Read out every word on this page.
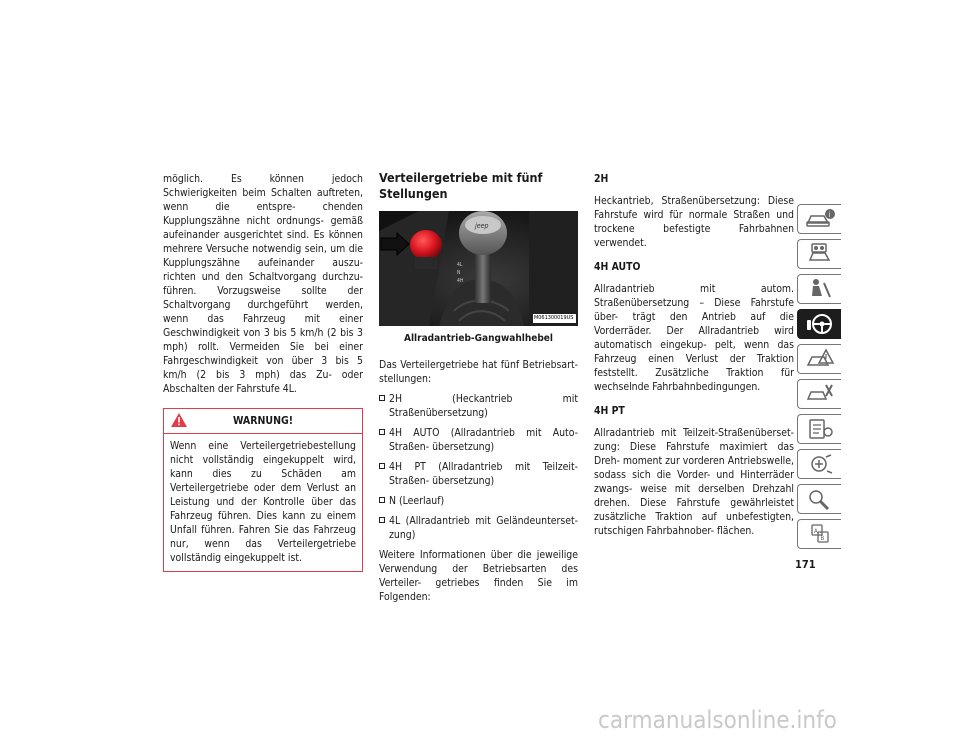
möglich. Es können jedoch Schwierigkeiten beim Schalten auftreten, wenn die entspre- chenden Kupplungszähne nicht ordnungs- gemäß aufeinander ausgerichtet sind. Es können mehrere Versuche notwendig sein, um die Kupplungszähne aufeinander auszu- richten und den Schaltvorgang durchzu- führen. Vorzugsweise sollte der Schaltvorgang durchgeführt werden, wenn das Fahrzeug mit einer Geschwindigkeit von 3 bis 5 km/h (2 bis 3 mph) rollt. Vermeiden Sie bei einer Fahrgeschwindigkeit von über 3 bis 5 km/h (2 bis 3 mph) das Zu- oder Abschalten der Fahrstufe 4L.

WARNUNG!

Wenn eine Verteilergetriebestellung nicht vollständig eingekuppelt wird, kann dies zu Schäden am Verteilergetriebe oder dem Verlust an Leistung und der Kontrolle über das Fahrzeug führen. Dies kann zu einem Unfall führen. Fahren Sie das Fahrzeug nur, wenn das Verteilergetriebe vollständig eingekuppelt ist.

Verteilergetriebe mit fünf Stellungen
jeep
4L
N
4H
M061300019US
Allradantrieb-Gangwahlhebel

Das Verteilergetriebe hat fünf Betriebsart- stellungen:

2H (Heckantrieb mit Straßenübersetzung)
4H AUTO (Allradantrieb mit Auto-Straßen- übersetzung)
4H PT (Allradantrieb mit Teilzeit-Straßen- übersetzung)
N (Leerlauf)
4L (Allradantrieb mit Geländeunterset- zung)

Weitere Informationen über die jeweilige Verwendung der Betriebsarten des Verteiler- getriebes finden Sie im Folgenden:

2H

Heckantrieb, Straßenübersetzung: Diese Fahrstufe wird für normale Straßen und trockene befestigte Fahrbahnen verwendet.

4H AUTO

Allradantrieb mit autom. Straßenübersetzung – Diese Fahrstufe über- trägt den Antrieb auf die Vorderräder. Der Allradantrieb wird automatisch eingekup- pelt, wenn das Fahrzeug einen Verlust der Traktion feststellt. Zusätzliche Traktion für wechselnde Fahrbahnbedingungen.

4H PT

Allradantrieb mit Teilzeit-Straßenüberset- zung: Diese Fahrstufe maximiert das Dreh- moment zur vorderen Antriebswelle, sodass sich die Vorder- und Hinterräder zwangs- weise mit derselben Drehzahl drehen. Diese Fahrstufe gewährleistet zusätzliche Traktion auf unbefestigten, rutschigen Fahrbahnober- flächen.

i
A
B
171
carmanualsonline.info
